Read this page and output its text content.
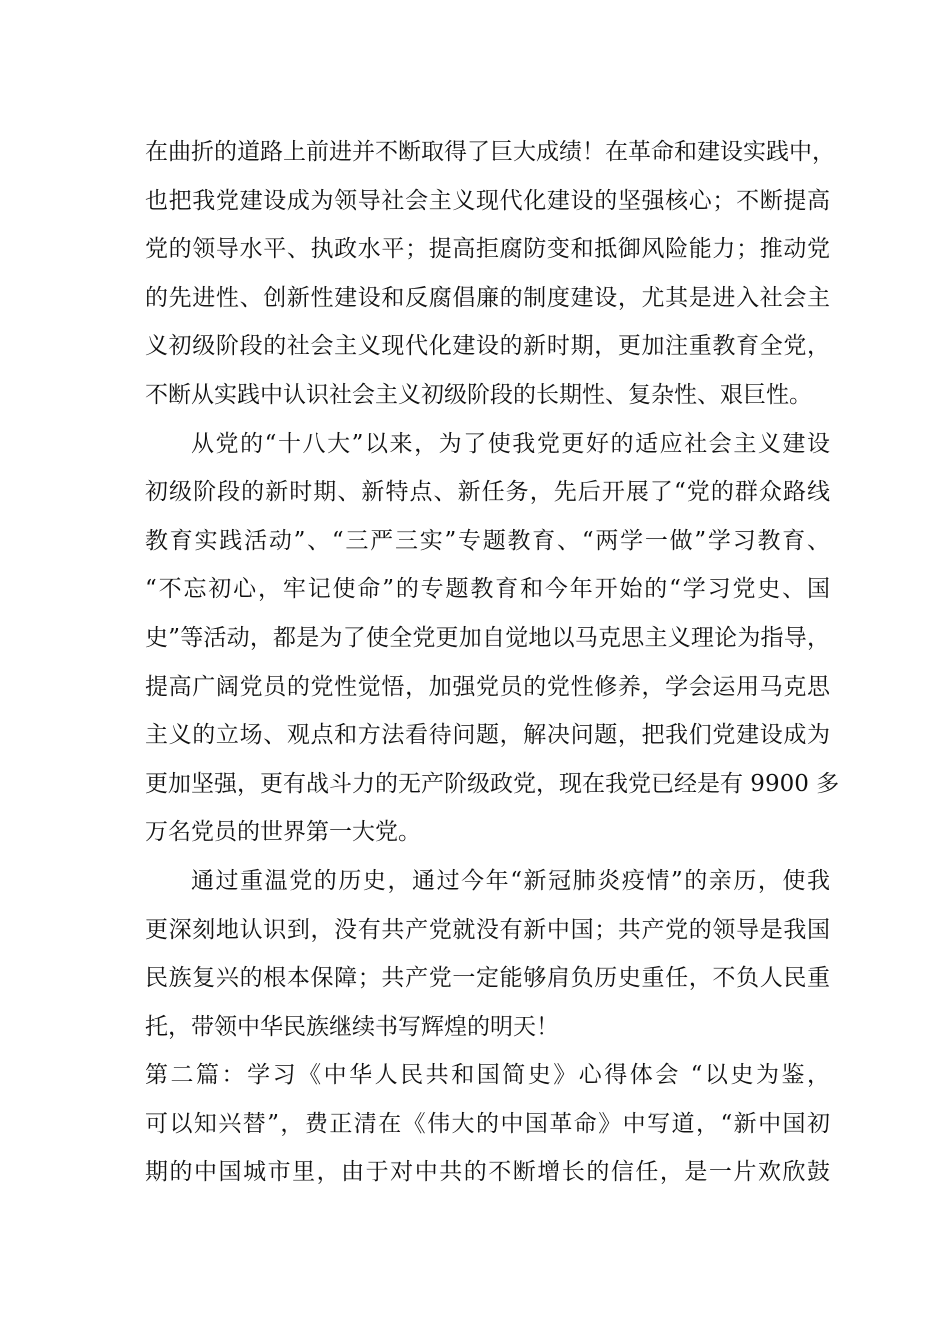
在曲折的道路上前进并不断取得了巨大成绩！在革命和建设实践中，
也把我党建设成为领导社会主义现代化建设的坚强核心；不断提高
党的领导水平、执政水平；提高拒腐防变和抵御风险能力；推动党
的先进性、创新性建设和反腐倡廉的制度建设，尤其是进入社会主
义初级阶段的社会主义现代化建设的新时期，更加注重教育全党，
不断从实践中认识社会主义初级阶段的长期性、复杂性、艰巨性。
从党的“十八大”以来，为了使我党更好的适应社会主义建设
初级阶段的新时期、新特点、新任务，先后开展了“党的群众路线
教育实践活动”、“三严三实”专题教育、“两学一做”学习教育、
“不忘初心，牢记使命”的专题教育和今年开始的“学习党史、国
史”等活动，都是为了使全党更加自觉地以马克思主义理论为指导，
提高广阔党员的党性觉悟，加强党员的党性修养，学会运用马克思
主义的立场、观点和方法看待问题，解决问题，把我们党建设成为
更加坚强，更有战斗力的无产阶级政党，现在我党已经是有 9900 多
万名党员的世界第一大党。
通过重温党的历史，通过今年“新冠肺炎疫情”的亲历，使我
更深刻地认识到，没有共产党就没有新中国；共产党的领导是我国
民族复兴的根本保障；共产党一定能够肩负历史重任，不负人民重
托，带领中华民族继续书写辉煌的明天！
第二篇：学习《中华人民共和国简史》心得体会 “以史为鉴，
可以知兴替”，费正清在《伟大的中国革命》中写道，“新中国初
期的中国城市里，由于对中共的不断增长的信任，是一片欢欣鼓
